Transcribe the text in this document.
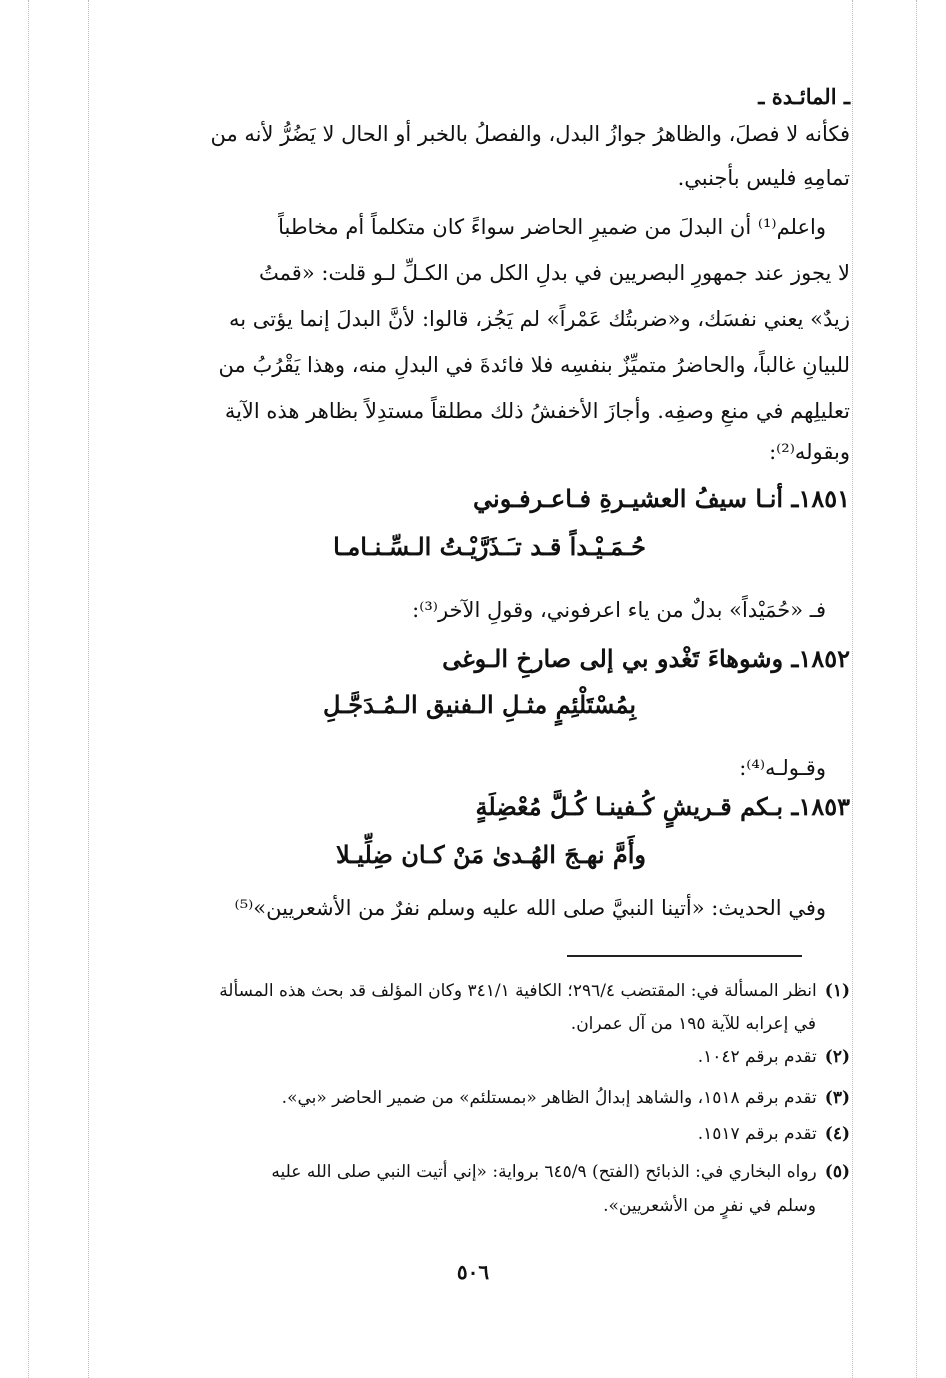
ـ المائـدة ـ
فكأنه لا فصلَ، والظاهرُ جوازُ البدل، والفصلُ بالخبر أو الحال لا يَضُرُّ لأنه من
تمامِهِ فليس بأجنبي.
واعلم⁽¹⁾ أن البدلَ من ضميرِ الحاضر سواءً كان متكلماً أم مخاطباً
لا يجوز عند جمهورِ البصريين في بدلِ الكل من الكـلِّ لـو قلت: «قمتُ
زيدٌ» يعني نفسَك، و«ضربتُك عَمْراً» لم يَجُز، قالوا: لأنَّ البدلَ إنما يؤتى به
للبيانِ غالباً، والحاضرُ متميِّزٌ بنفسِه فلا فائدةَ في البدلِ منه، وهذا يَقْرُبُ من
تعليلِهم في منعِ وصفِه. وأجازَ الأخفشُ ذلك مطلقاً مستدِلاً بظاهر هذه الآية
وبقوله⁽²⁾:
١٨٥١ـ أنـا سيفُ العشيـرةِ فـاعـرفـوني
حُـمَـيْـداً قـد تـَـذَرَّيْـتُ الـسِّـنـامـا
فـ «حُمَيْداً» بدلٌ من ياء اعرفوني، وقولِ الآخر⁽³⁾:
١٨٥٢ـ وشوهاءَ تَغْدو بي إلى صارخِ الـوغى
بِمُسْتَلْئِمٍ مثـلِ الـفنيق الـمُـدَجَّـلِ
وقـولـه⁽⁴⁾:
١٨٥٣ـ بـكم قـريشٍ كُـفينـا كُـلَّ مُعْضِلَةٍ
وأَمَّ نهـجَ الهُـدىٰ مَنْ كـان ضِلِّيـلا
وفي الحديث: «أتينا النبيَّ صلى الله عليه وسلم نفرٌ من الأشعريين»⁽⁵⁾
(١)انظر المسألة في: المقتضب ٢٩٦/٤؛ الكافية ٣٤١/١ وكان المؤلف قد بحث هذه المسألة
في إعرابه للآية ١٩٥ من آل عمران.
(٢)تقدم برقم ١٠٤٢.
(٣)تقدم برقم ١٥١٨، والشاهد إبدالُ الظاهر «بمستلئم» من ضمير الحاضر «بي».
(٤)تقدم برقم ١٥١٧.
(٥)رواه البخاري في: الذبائح (الفتح) ٦٤٥/٩ برواية: «إني أتيت النبي صلى الله عليه
وسلم في نفرٍ من الأشعريين».
٥٠٦
